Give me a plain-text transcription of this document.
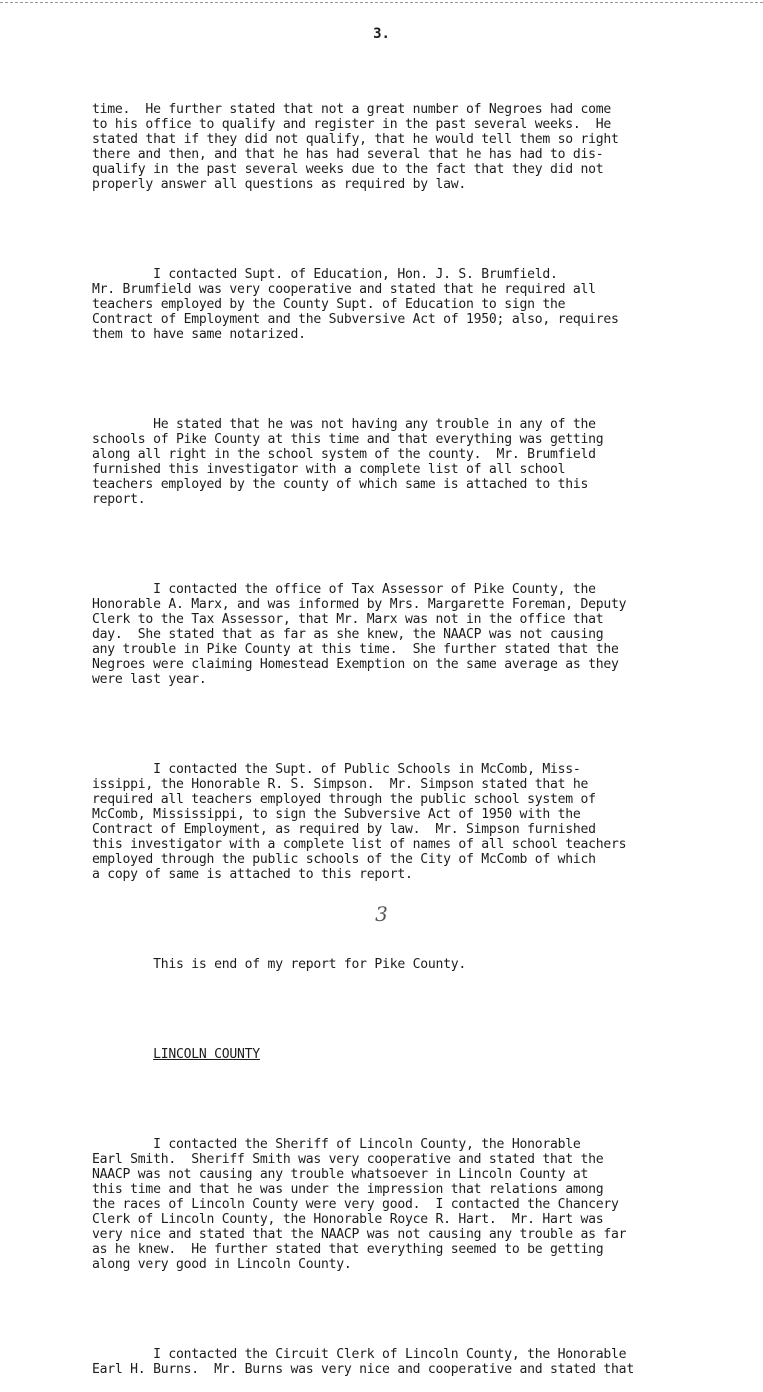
3.

time.  He further stated that not a great number of Negroes had come
to his office to qualify and register in the past several weeks.  He
stated that if they did not qualify, that he would tell them so right
there and then, and that he has had several that he has had to dis-
qualify in the past several weeks due to the fact that they did not
properly answer all questions as required by law.

I contacted Supt. of Education, Hon. J. S. Brumfield.
Mr. Brumfield was very cooperative and stated that he required all
teachers employed by the County Supt. of Education to sign the
Contract of Employment and the Subversive Act of 1950; also, requires
them to have same notarized.

He stated that he was not having any trouble in any of the
schools of Pike County at this time and that everything was getting
along all right in the school system of the county.  Mr. Brumfield
furnished this investigator with a complete list of all school
teachers employed by the county of which same is attached to this
report.

I contacted the office of Tax Assessor of Pike County, the
Honorable A. Marx, and was informed by Mrs. Margarette Foreman, Deputy
Clerk to the Tax Assessor, that Mr. Marx was not in the office that
day.  She stated that as far as she knew, the NAACP was not causing
any trouble in Pike County at this time.  She further stated that the
Negroes were claiming Homestead Exemption on the same average as they
were last year.

I contacted the Supt. of Public Schools in McComb, Miss-
issippi, the Honorable R. S. Simpson.  Mr. Simpson stated that he
required all teachers employed through the public school system of
McComb, Mississippi, to sign the Subversive Act of 1950 with the
Contract of Employment, as required by law.  Mr. Simpson furnished
this investigator with a complete list of names of all school teachers
employed through the public schools of the City of McComb of which
a copy of same is attached to this report.

This is end of my report for Pike County.

LINCOLN COUNTY

I contacted the Sheriff of Lincoln County, the Honorable
Earl Smith.  Sheriff Smith was very cooperative and stated that the
NAACP was not causing any trouble whatsoever in Lincoln County at
this time and that he was under the impression that relations among
the races of Lincoln County were very good.  I contacted the Chancery
Clerk of Lincoln County, the Honorable Royce R. Hart.  Mr. Hart was
very nice and stated that the NAACP was not causing any trouble as far
as he knew.  He further stated that everything seemed to be getting
along very good in Lincoln County.

I contacted the Circuit Clerk of Lincoln County, the Honorable
Earl H. Burns.  Mr. Burns was very nice and cooperative and stated that

3
